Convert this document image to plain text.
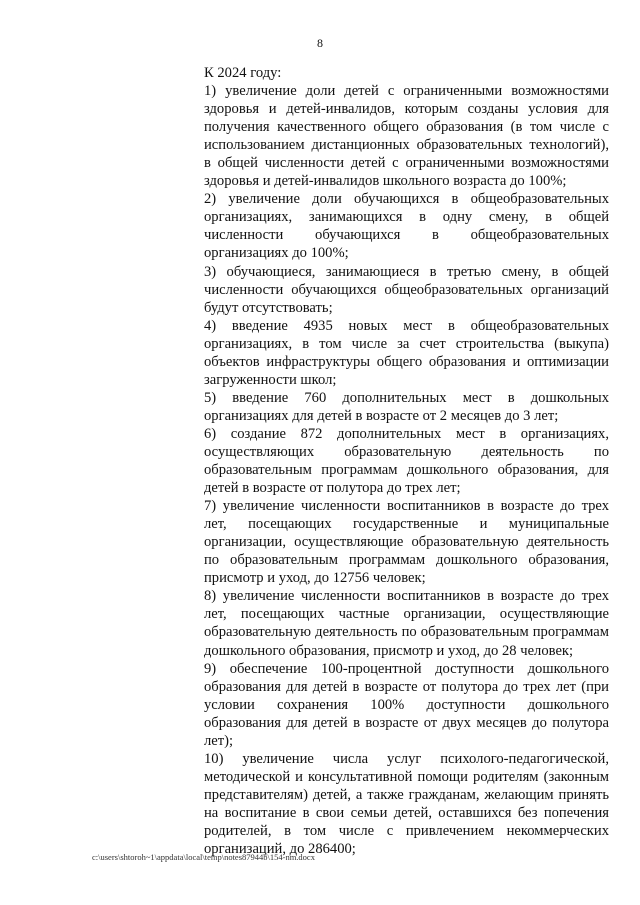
8

К 2024 году:

1) увеличение доли детей с ограниченными возможностями здоровья и детей-инвалидов, которым созданы условия для получения качественного общего образования (в том числе с использованием дистанционных образовательных технологий), в общей численности детей с ограниченными возможностями здоровья и детей-инвалидов школьного возраста до 100%;

2) увеличение доли обучающихся в общеобразовательных организациях, занимающихся в одну смену, в общей численности обучающихся в общеобразовательных организациях до 100%;

3) обучающиеся, занимающиеся в третью смену, в общей численности обучающихся общеобразовательных организаций будут отсутствовать;

4) введение 4935 новых мест в общеобразовательных организациях, в том числе за счет строительства (выкупа) объектов инфраструктуры общего образования и оптимизации загруженности школ;

5) введение 760 дополнительных мест в дошкольных организациях для детей в возрасте от 2 месяцев до 3 лет;

6) создание 872 дополнительных мест в организациях, осуществляющих образовательную деятельность по образовательным программам дошкольного образования, для детей в возрасте от полутора до трех лет;

7) увеличение численности воспитанников в возрасте до трех лет, посещающих государственные и муниципальные организации, осуществляющие образовательную деятельность по образовательным программам дошкольного образования, присмотр и уход, до 12756 человек;

8) увеличение численности воспитанников в возрасте до трех лет, посещающих частные организации, осуществляющие образовательную деятельность по образовательным программам дошкольного образования, присмотр и уход, до 28 человек;

9) обеспечение 100-процентной доступности дошкольного образования для детей в возрасте от полутора до трех лет (при условии сохранения 100% доступности дошкольного образования для детей в возрасте от двух месяцев до полутора лет);

10) увеличение числа услуг психолого-педагогической, методической и консультативной помощи родителям (законным представителям) детей, а также гражданам, желающим принять на воспитание в свои семьи детей, оставшихся без попечения родителей, в том числе с привлечением некоммерческих организаций, до 286400;

c:\users\shtoroh~1\appdata\local\temp\notes87944b\154-nm.docx
